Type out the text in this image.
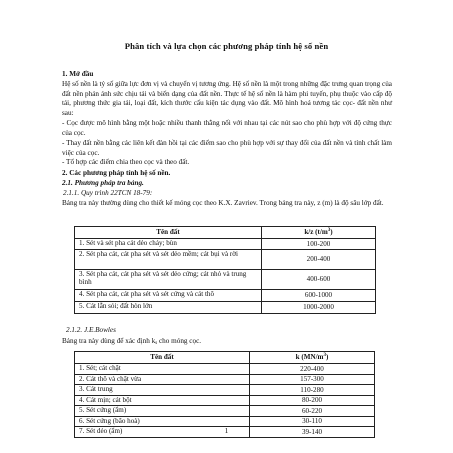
Phân tích và lựa chọn các phương pháp tính hệ số nền
1. Mở đầu
Hệ số nền là tỷ số giữa lực đơn vị và chuyển vị tương ứng. Hệ số nền là một trong những đặc trưng quan trọng của đất nền phản ánh sức chịu tải và biến dạng của đất nền. Thực tế hệ số nền là hàm phi tuyến, phụ thuộc vào cấp độ tải, phương thức gia tải, loại đất, kích thước cấu kiện tác dụng vào đất. Mô hình hoá tương tác cọc- đất nền như sau:
- Cọc được mô hình bằng một hoặc nhiều thanh thẳng nối với nhau tại các nút sao cho phù hợp với độ cứng thực của cọc.
- Thay đất nền bằng các liên kết đàn hồi tại các điểm sao cho phù hợp với sự thay đổi của đất nền và tính chất làm việc của cọc.
- Tổ hợp các điểm chia theo cọc và theo đất.
2. Các phương pháp tính hệ số nền.
2.1. Phương pháp tra bảng.
2.1.1. Quy trình 22TCN 18-79:
Bảng tra này thường dùng cho thiết kế móng cọc theo K.X. Zavriev. Trong bảng tra này, z (m) là độ sâu lớp đất.
Tên đất	k/z $(t/m^3)$
1. Sét và sét pha cát dẻo chảy; bùn	100-200
2. Sét pha cát, cát pha sét và sét dẻo mềm; cát bụi và rời	200-400
3. Sét pha cát, cát pha sét và sét dẻo cứng; cát nhỏ và trung bình	400-600
4. Sét pha cát, cát pha sét và sét cứng và cát thô	600-1000
5. Cát lẫn sỏi; đất hòn lớn	1000-2000
2.1.2. J.E.Bowles
Bảng tra này dùng để xác định $k_s$ cho móng cọc.
Tên đất	k $(MN/m^3)$
1. Sét; cát chặt	220-400
2. Cát thô và chặt vừa	157-300
3. Cát trung	110-280
4. Cát mịn; cát bột	80-200
5. Sét cứng (ẩm)	60-220
6. Sét cứng (bão hoà)	30-110
7. Sét dẻo (ẩm)	39-140
1
